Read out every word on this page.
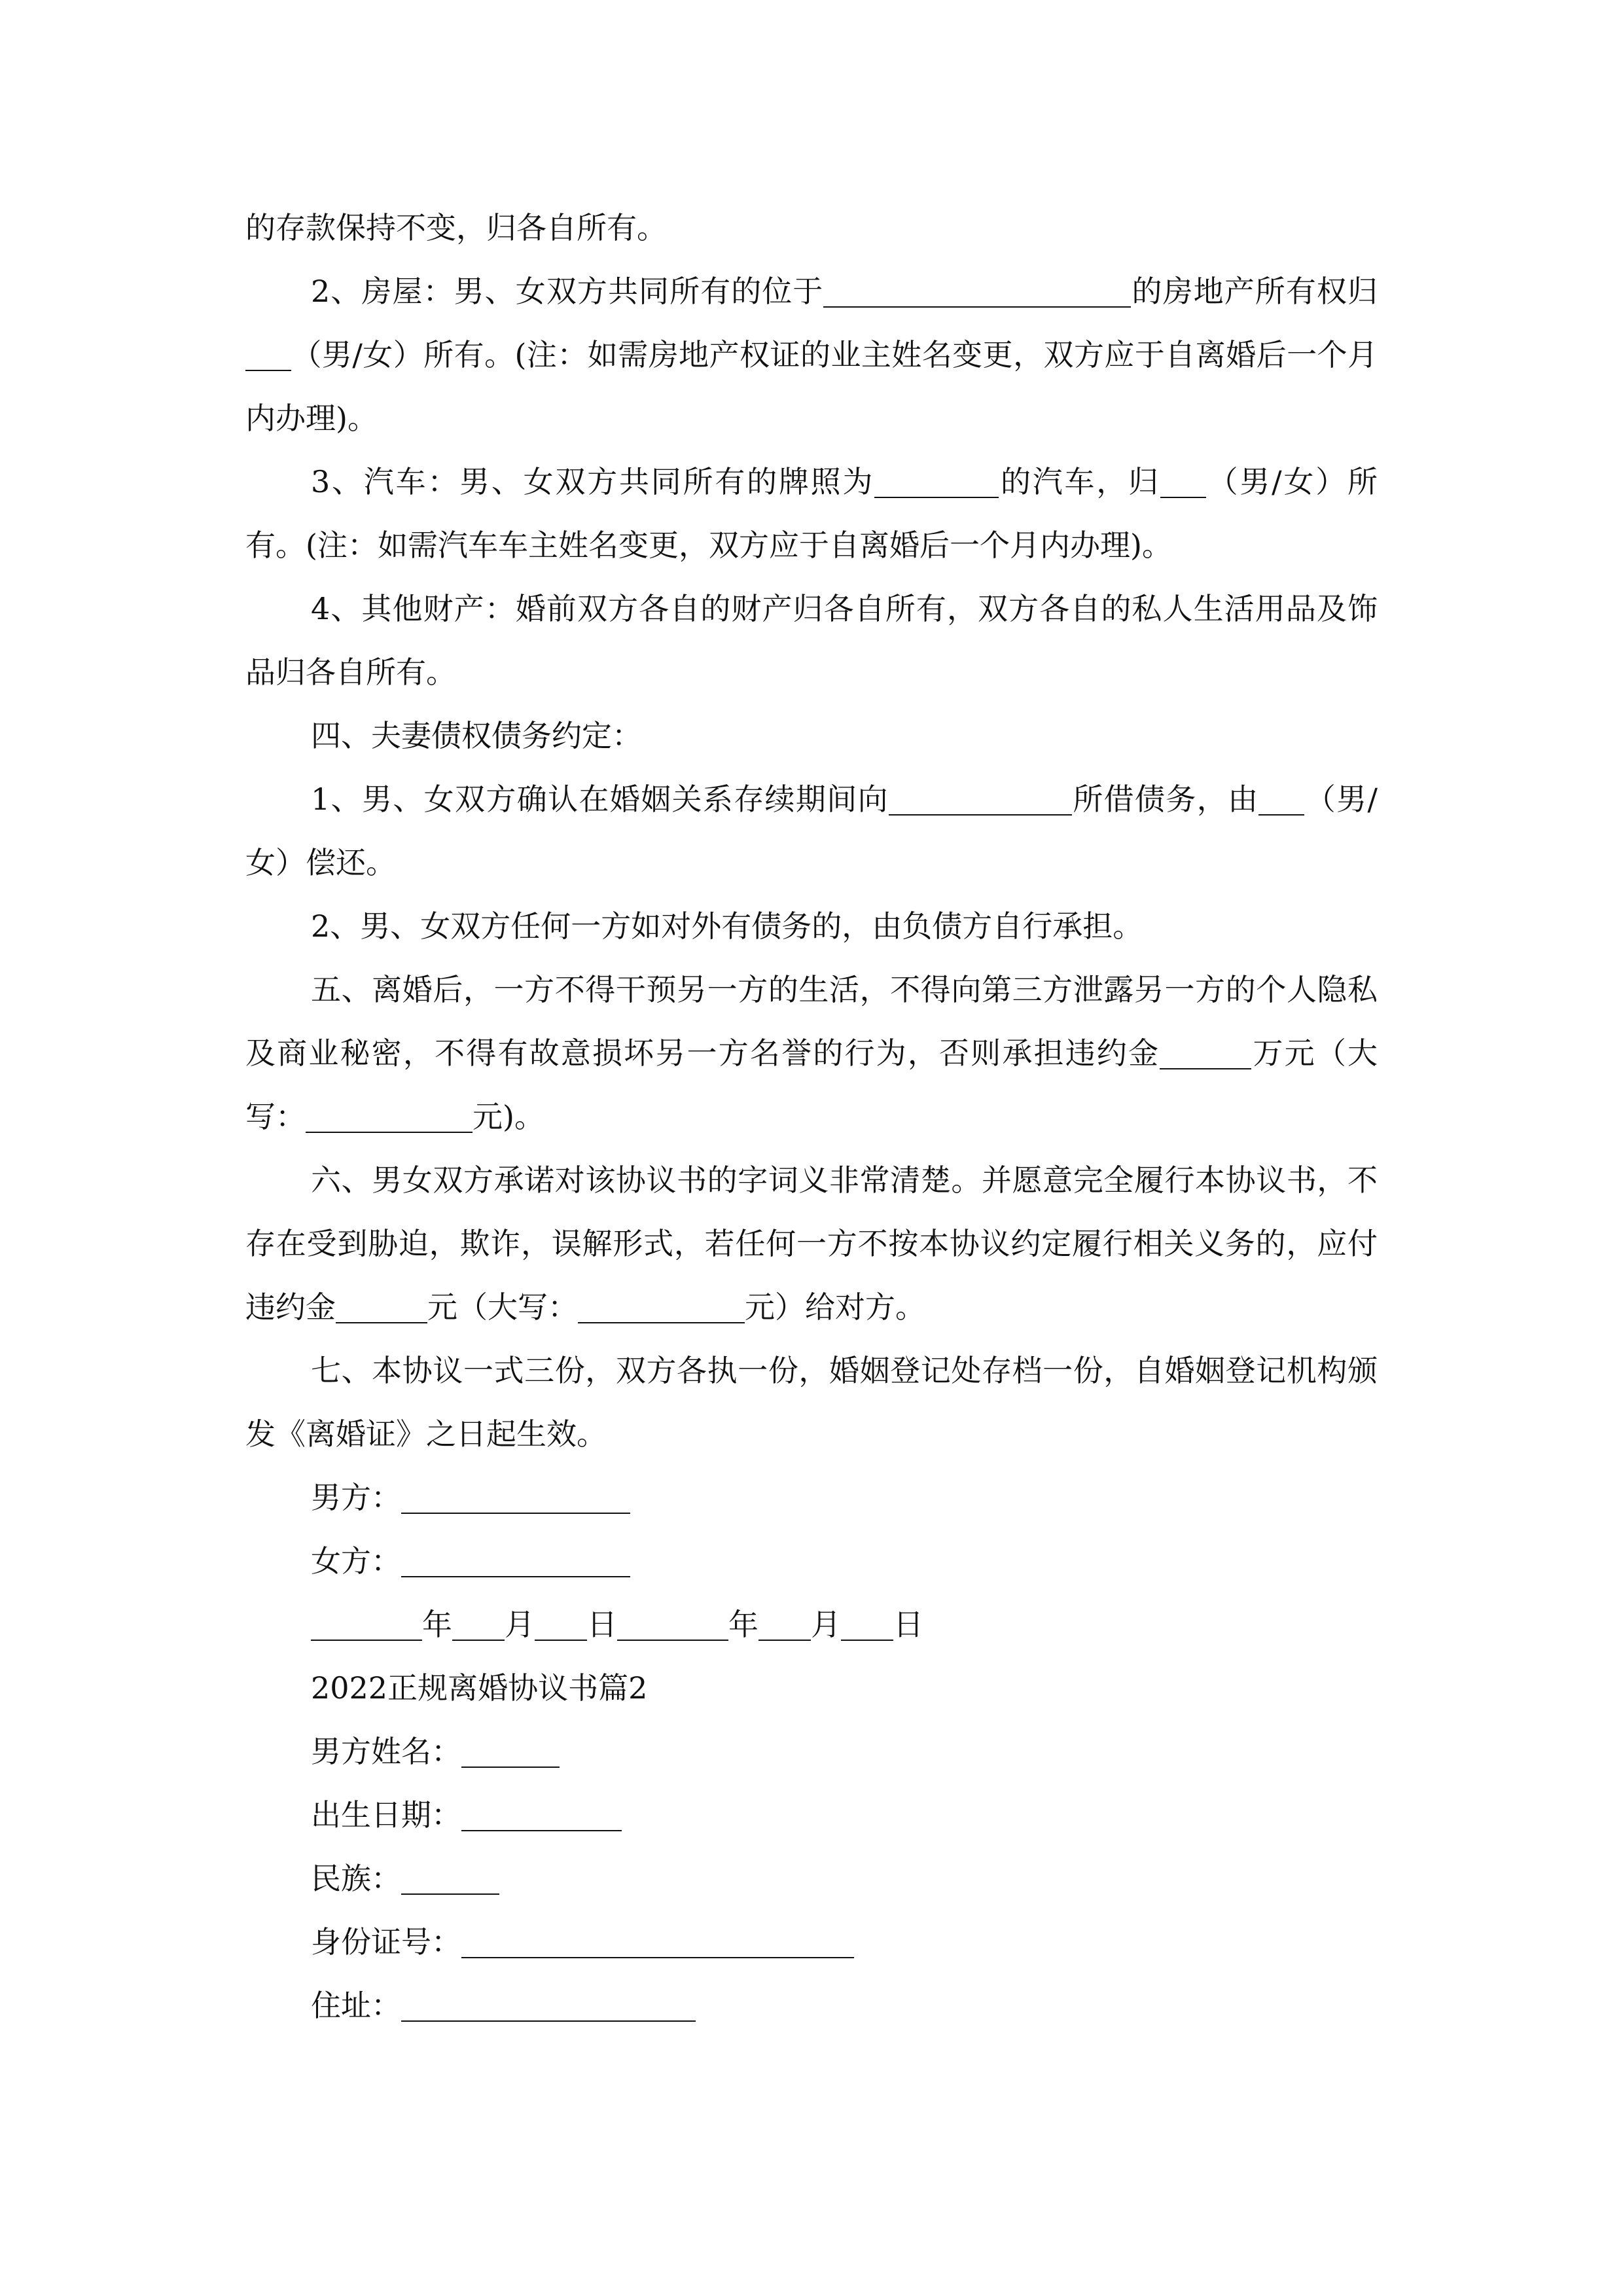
的存款保持不变，归各自所有。

2、房屋：男、女双方共同所有的位于	的房地产所有权归（男/女）所有。(注：如需房地产权证的业主姓名变更，双方应于自离婚后一个月内办理)。

3、汽车：男、女双方共同所有的牌照为	的汽车，归 （男/女）所有。(注：如需汽车车主姓名变更，双方应于自离婚后一个月内办理)。

4、其他财产：婚前双方各自的财产归各自所有，双方各自的私人生活用品及饰品归各自所有。

四、夫妻债权债务约定：

1、男、女双方确认在婚姻关系存续期间向	所借债务，由 （男/女）偿还。

2、男、女双方任何一方如对外有债务的，由负债方自行承担。

五、离婚后，一方不得干预另一方的生活，不得向第三方泄露另一方的个人隐私及商业秘密，不得有故意损坏另一方名誉的行为，否则承担违约金	万元（大写：	元)。

六、男女双方承诺对该协议书的字词义非常清楚。并愿意完全履行本协议书，不存在受到胁迫，欺诈，误解形式，若任何一方不按本协议约定履行相关义务的，应付违约金	元（大写：	元）给对方。

七、本协议一式三份，双方各执一份，婚姻登记处存档一份，自婚姻登记机构颁发《离婚证》之日起生效。

男方：

女方：

年 月 日	年 月 日

2022正规离婚协议书篇2

男方姓名：

出生日期：

民族：

身份证号：

住址：
